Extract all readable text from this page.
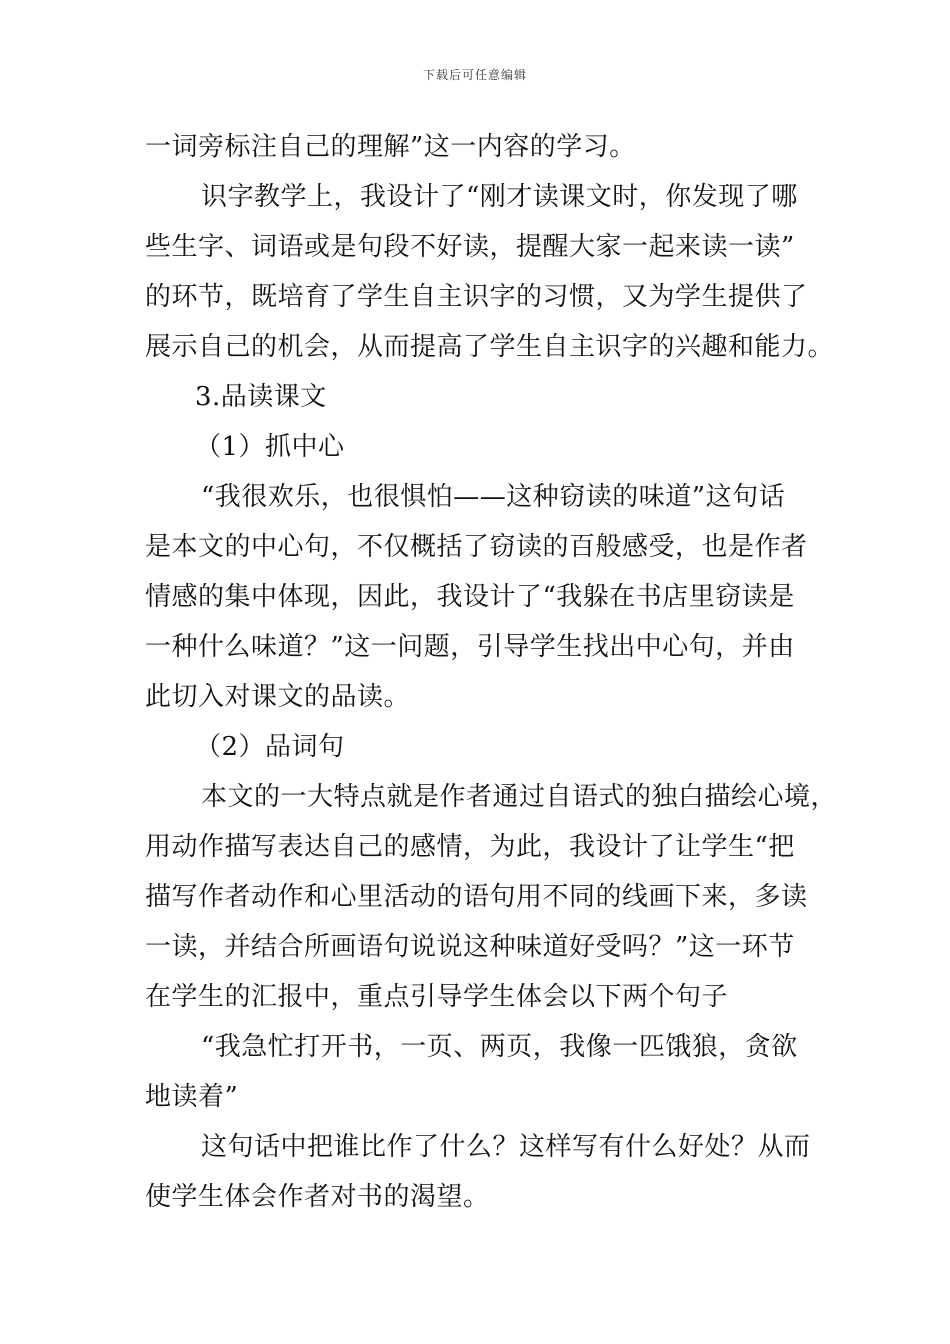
下载后可任意编辑
一词旁标注自己的理解”这一内容的学习。
识字教学上，我设计了“刚才读课文时，你发现了哪
些生字、词语或是句段不好读，提醒大家一起来读一读”
的环节，既培育了学生自主识字的习惯，又为学生提供了
展示自己的机会，从而提高了学生自主识字的兴趣和能力。
3.品读课文
（1）抓中心
“我很欢乐，也很惧怕——这种窃读的味道”这句话
是本文的中心句，不仅概括了窃读的百般感受，也是作者
情感的集中体现，因此，我设计了“我躲在书店里窃读是
一种什么味道？”这一问题，引导学生找出中心句，并由
此切入对课文的品读。
（2）品词句
本文的一大特点就是作者通过自语式的独白描绘心境，
用动作描写表达自己的感情，为此，我设计了让学生“把
描写作者动作和心里活动的语句用不同的线画下来，多读
一读，并结合所画语句说说这种味道好受吗？”这一环节
在学生的汇报中，重点引导学生体会以下两个句子
“我急忙打开书，一页、两页，我像一匹饿狼，贪欲
地读着”
这句话中把谁比作了什么？这样写有什么好处？从而
使学生体会作者对书的渴望。
